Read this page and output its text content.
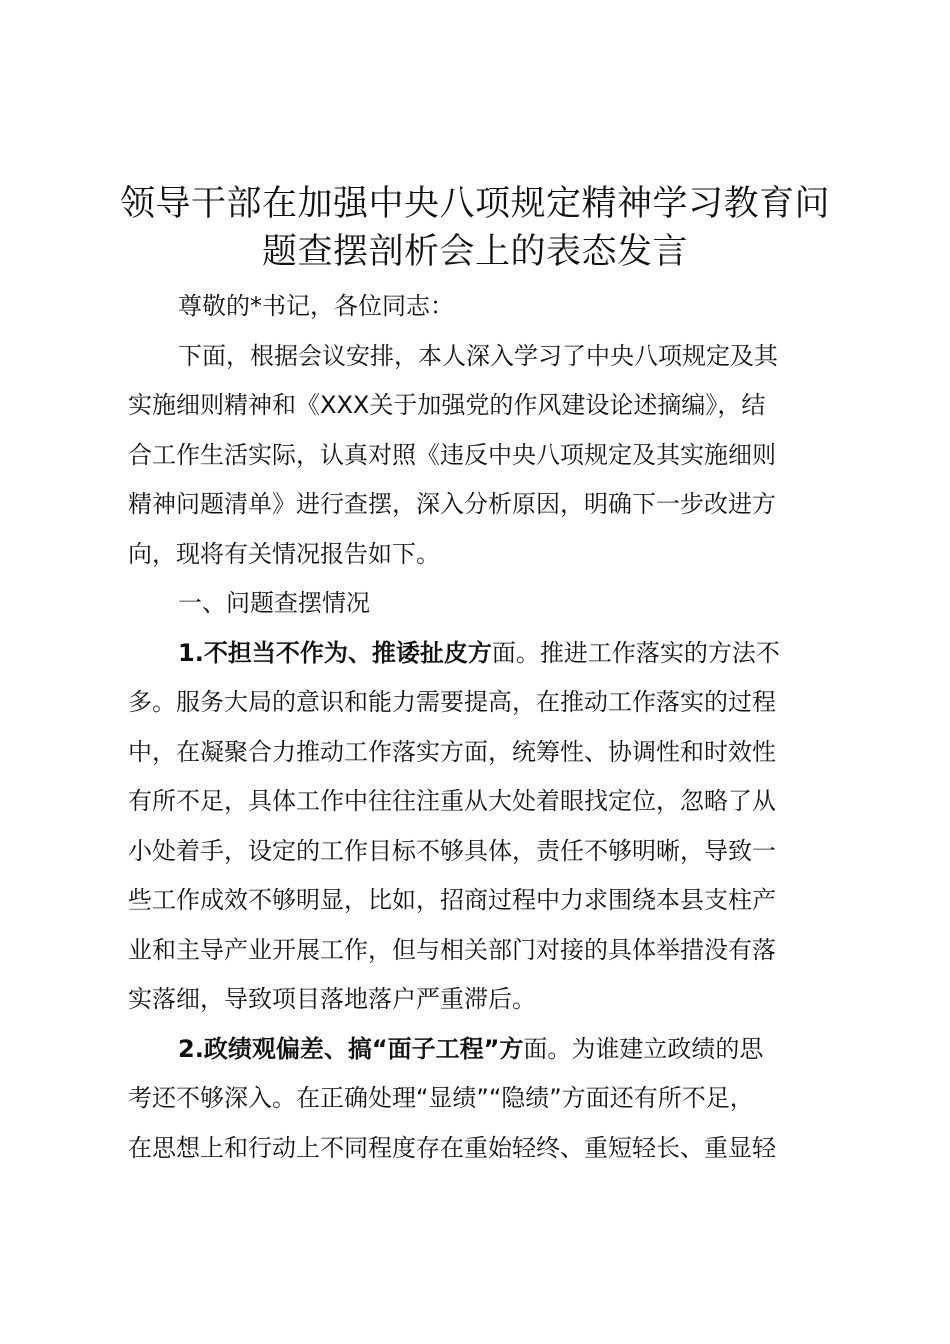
领导干部在加强中央八项规定精神学习教育问
题查摆剖析会上的表态发言
尊敬的*书记，各位同志：
下面，根据会议安排，本人深入学习了中央八项规定及其
实施细则精神和《XXX关于加强党的作风建设论述摘编》，结
合工作生活实际，认真对照《违反中央八项规定及其实施细则
精神问题清单》进行查摆，深入分析原因，明确下一步改进方
向，现将有关情况报告如下。
一、问题查摆情况
1.不担当不作为、推诿扯皮方面。推进工作落实的方法不
多。服务大局的意识和能力需要提高，在推动工作落实的过程
中，在凝聚合力推动工作落实方面，统筹性、协调性和时效性
有所不足，具体工作中往往注重从大处着眼找定位，忽略了从
小处着手，设定的工作目标不够具体，责任不够明晰，导致一
些工作成效不够明显，比如，招商过程中力求围绕本县支柱产
业和主导产业开展工作，但与相关部门对接的具体举措没有落
实落细，导致项目落地落户严重滞后。
2.政绩观偏差、搞“面子工程”方面。为谁建立政绩的思
考还不够深入。在正确处理“显绩”“隐绩”方面还有所不足，
在思想上和行动上不同程度存在重始轻终、重短轻长、重显轻
